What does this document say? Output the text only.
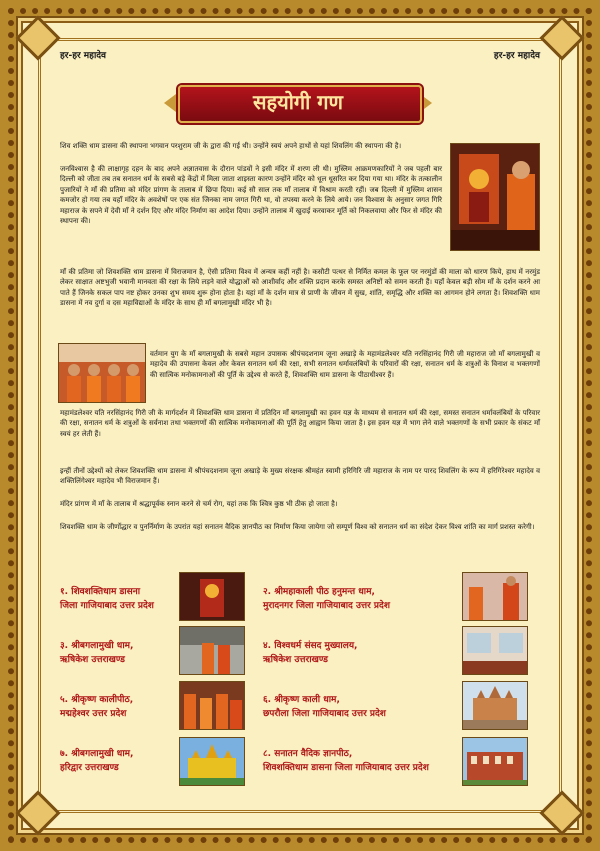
हर-हर महादेव	हर-हर महादेव
सहयोगी गण
शिव शक्ति धाम डासना की स्थापना भगवान परशुराम जी के द्वारा की गई थी। उन्होंने स्वयं अपने हाथों से यहां शिवलिंग की स्थापना की है।
जनविश्वास है की लाक्षागृह दहन के बाद अपने अज्ञातवास के दौरान पांडवों ने इसी मंदिर में शरण ली थी। मुस्लिम आक्रमणकारियों ने जब पहली बार दिल्ली को जीता तब तब सनातन धर्म के सबसे बड़े केंद्रों में मिला जाता शाइस्ता कारण उन्होंने मंदिर को धूल धूसरित कर दिया गया था। मंदिर के तत्कालीन पुजारियों ने माँ की प्रतिमा को मंदिर प्रांगण के तालाब में छिपा दिया। कई सौ साल तक माँ तालाब में विश्राम करती रहीं। जब दिल्ली में मुस्लिम शासन कमजोर हो गया तब यहाँ मंदिर के अवशेषों पर एक संत जिनका नाम जगत गिरी था, वो तपस्या करने के लिये आये। जन विश्वास के अनुसार जगत गिरि महाराज के सपने में देवी माँ ने दर्शन दिए और मंदिर निर्माण का आदेश दिया। उन्होंने तालाब में खुदाई करवाकर मूर्ति को निकलवाया और फिर से मंदिर की स्थापना की।
माँ की प्रतिमा जो शिवशक्ति धाम डासना में विराजमान है, ऐसी प्रतिमा विश्व में अन्यत्र कहीं नहीं है। कसौटी पत्थर से निर्मित कमल के फूल पर नरमुंडों की माला को धारण किये, हाथ में नरमुंड लेकर साक्षात अष्टभुजी भवानी मानवता की रक्षा के लिये लड़ने वाले योद्धाओं को आशीर्वाद और शक्ति प्रदान करके समस्त अनिष्टों को समन करती हैं। यहाँ केवल बड़ी सोम माँ के दर्शन करने आ पाते हैं जिनके सकल पाप नष्ट होकर उनका शुभ समय शुरू होना होता है। यहां माँ के दर्शन मात्र से प्राणी के जीवन में सुख, शांति, समृद्धि और शक्ति का आगमन होने लगता है। शिवशक्ति धाम डासना में नव दुर्गा व दस महाविद्याओं के मंदिर के साथ ही माँ बगलामुखी मंदिर भी है।
वर्तमान युग के माँ बगलामुखी के सबसे महान उपासक श्रीपंचदशनाम जूना अखाड़े के महामंडलेश्वर यति नरसिंहानंद गिरी जी महाराज जो माँ बगलामुखी व महादेव की उपासना केवल और केवल सनातन धर्म की रक्षा, सभी सनातन धर्मावलंबियों के परिवारों की रक्षा, सनातन धर्म के शत्रुओं के विनाश व भक्तगणों की सात्विक मनोकामनाओं की पूर्ति के उद्देश्य से करते हैं, शिवशक्ति धाम डासना के पीठाधीश्वर हैं।
महामंडलेश्वर यति नरसिंहानंद गिरी जी के मार्गदर्शन में शिवशक्ति धाम डासना में प्रतिदिन माँ बगलामुखी का हवन यज्ञ के माध्यम से सनातन धर्म की रक्षा, समस्त सनातन धर्मावलंबियों के परिवार की रक्षा, सनातन धर्म के शत्रुओं के सर्वनाश तथा भक्तगणों की सात्विक मनोकामनाओं की पूर्ति हेतु आह्वान किया जाता है। इस हवन यज्ञ में भाग लेने वाले भक्तगणों के सभी प्रकार के संकट माँ स्वयं हर लेती हैं।
इन्हीं तीनों उद्देश्यों को लेकर शिवशक्ति धाम डासना में श्रीपंचदशनाम जूना अखाड़े के मुख्य संरक्षक श्रीमहंत स्वामी हरिगिरि जी महाराज के नाम पर पारद शिवलिंग के रूप में हरिगिरेश्वर महादेव व शक्तिलिंगेश्वर महादेव भी विराजमान हैं।
मंदिर प्रांगण में माँ के तालाब में श्रद्धापूर्वक स्नान करने से चर्म रोग, यहां तक कि श्वित्र कुष्ठ भी ठीक हो जाता है।
शिवशक्ति धाम के जीर्णोद्धार व पुनर्निर्माण के उपरांत यहां सनातन वैदिक ज्ञानपीठ का निर्माण किया जायेगा जो सम्पूर्ण विश्व को सनातन धर्म का संदेश देकर विश्व शांति का मार्ग प्रशस्त करेगी।
१. शिवशक्तिधाम डासना
जिला गाजियाबाद उत्तर प्रदेश
२. श्रीमहाकाली पीठ हनुमन्त धाम,
मुरादनगर जिला गाजियाबाद उत्तर प्रदेश
३. श्रीबगलामुखी धाम,
ऋषिकेश उत्तराखण्ड
४. विश्वधर्म संसद मुख्यालय,
ऋषिकेश उत्तराखण्ड
५. श्रीकृष्ण कालीपीठ,
मद्महेश्वर उत्तर प्रदेश
६. श्रीकृष्ण काली धाम,
छपरौला जिला गाजियाबाद उत्तर प्रदेश
७. श्रीबगलामुखी धाम,
हरिद्वार उत्तराखण्ड
८. सनातन वैदिक ज्ञानपीठ,
शिवशक्तिधाम डासना जिला गाजियाबाद उत्तर प्रदेश
